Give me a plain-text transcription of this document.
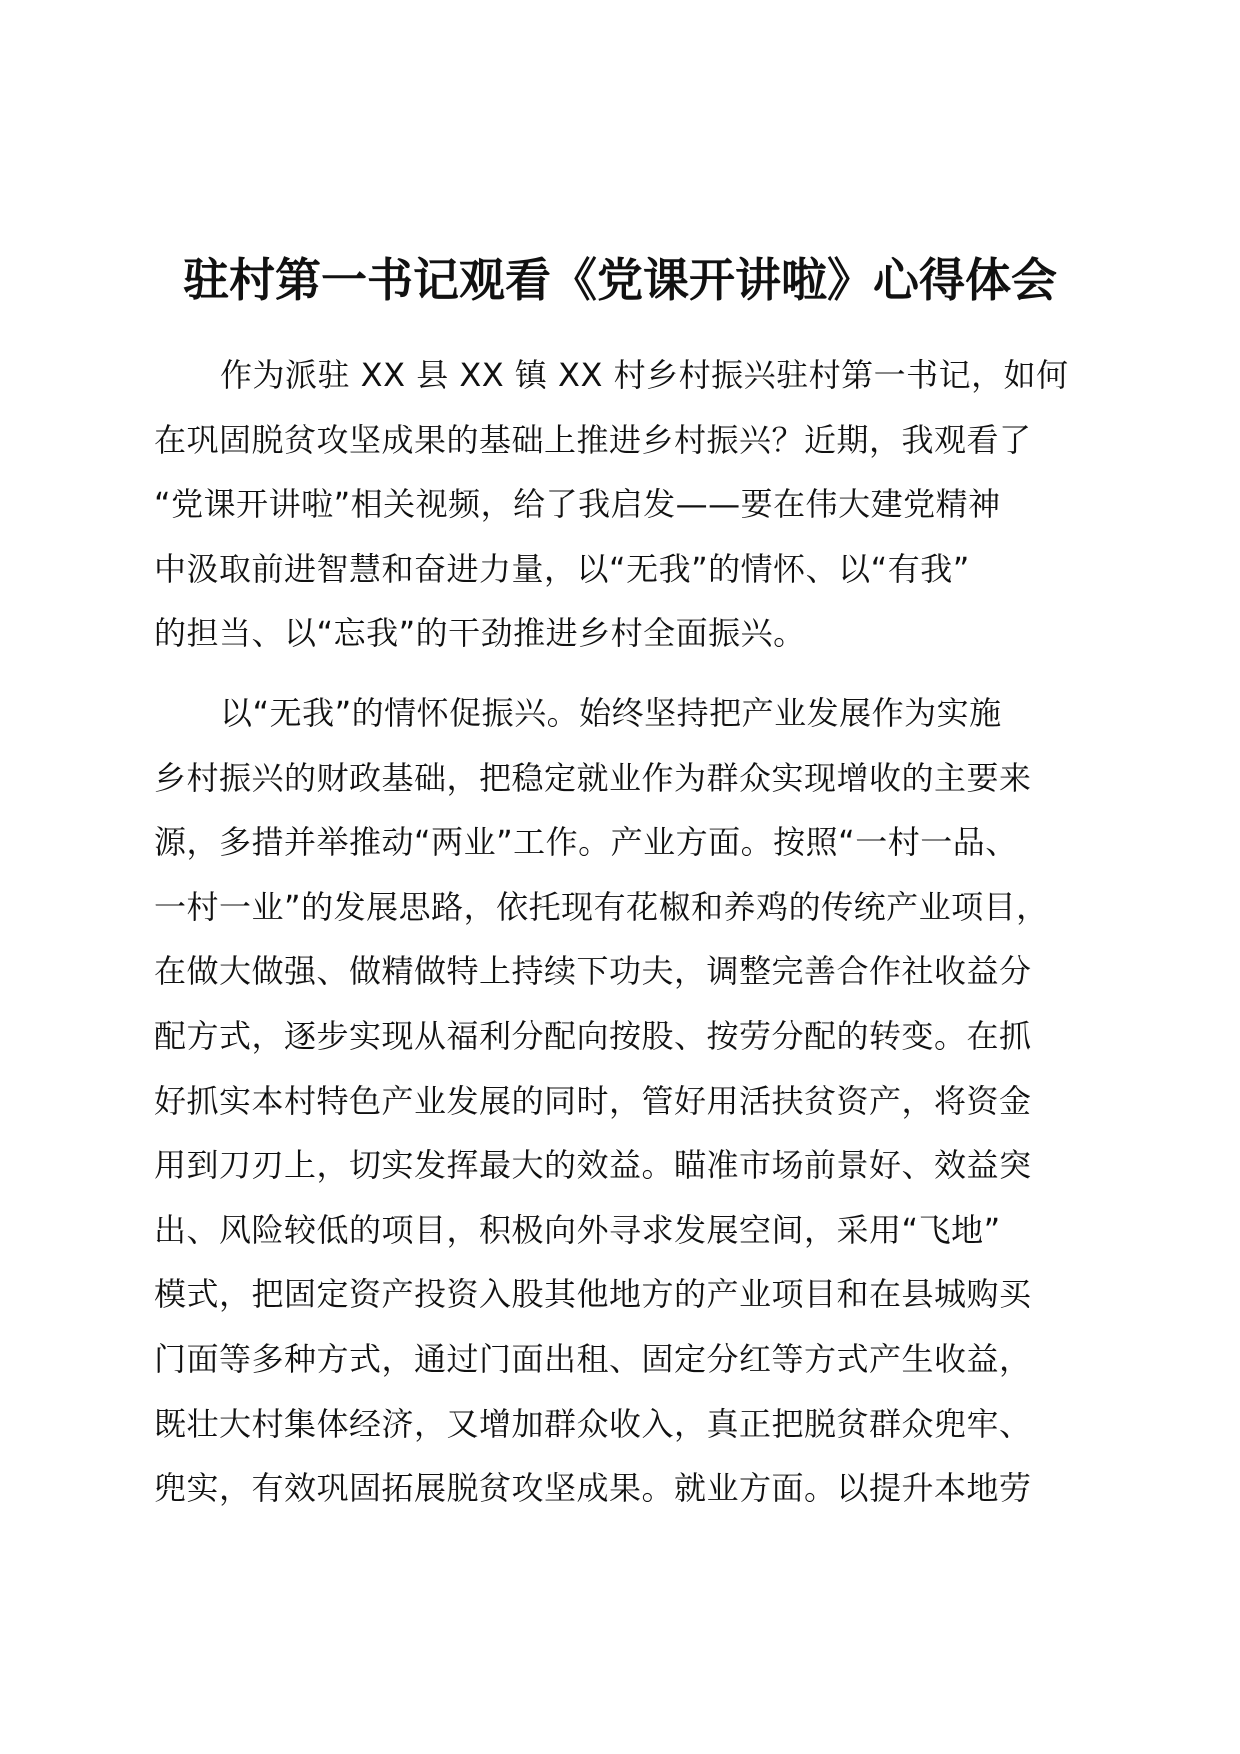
驻村第一书记观看《党课开讲啦》心得体会
作为派驻 XX 县 XX 镇 XX 村乡村振兴驻村第一书记，如何
在巩固脱贫攻坚成果的基础上推进乡村振兴？近期，我观看了
“党课开讲啦”相关视频，给了我启发——要在伟大建党精神
中汲取前进智慧和奋进力量，以“无我”的情怀、以“有我”
的担当、以“忘我”的干劲推进乡村全面振兴。
以“无我”的情怀促振兴。始终坚持把产业发展作为实施
乡村振兴的财政基础，把稳定就业作为群众实现增收的主要来
源，多措并举推动“两业”工作。产业方面。按照“一村一品、
一村一业”的发展思路，依托现有花椒和养鸡的传统产业项目，
在做大做强、做精做特上持续下功夫，调整完善合作社收益分
配方式，逐步实现从福利分配向按股、按劳分配的转变。在抓
好抓实本村特色产业发展的同时，管好用活扶贫资产，将资金
用到刀刃上，切实发挥最大的效益。瞄准市场前景好、效益突
出、风险较低的项目，积极向外寻求发展空间，采用“飞地”
模式，把固定资产投资入股其他地方的产业项目和在县城购买
门面等多种方式，通过门面出租、固定分红等方式产生收益，
既壮大村集体经济，又增加群众收入，真正把脱贫群众兜牢、
兜实，有效巩固拓展脱贫攻坚成果。就业方面。以提升本地劳
